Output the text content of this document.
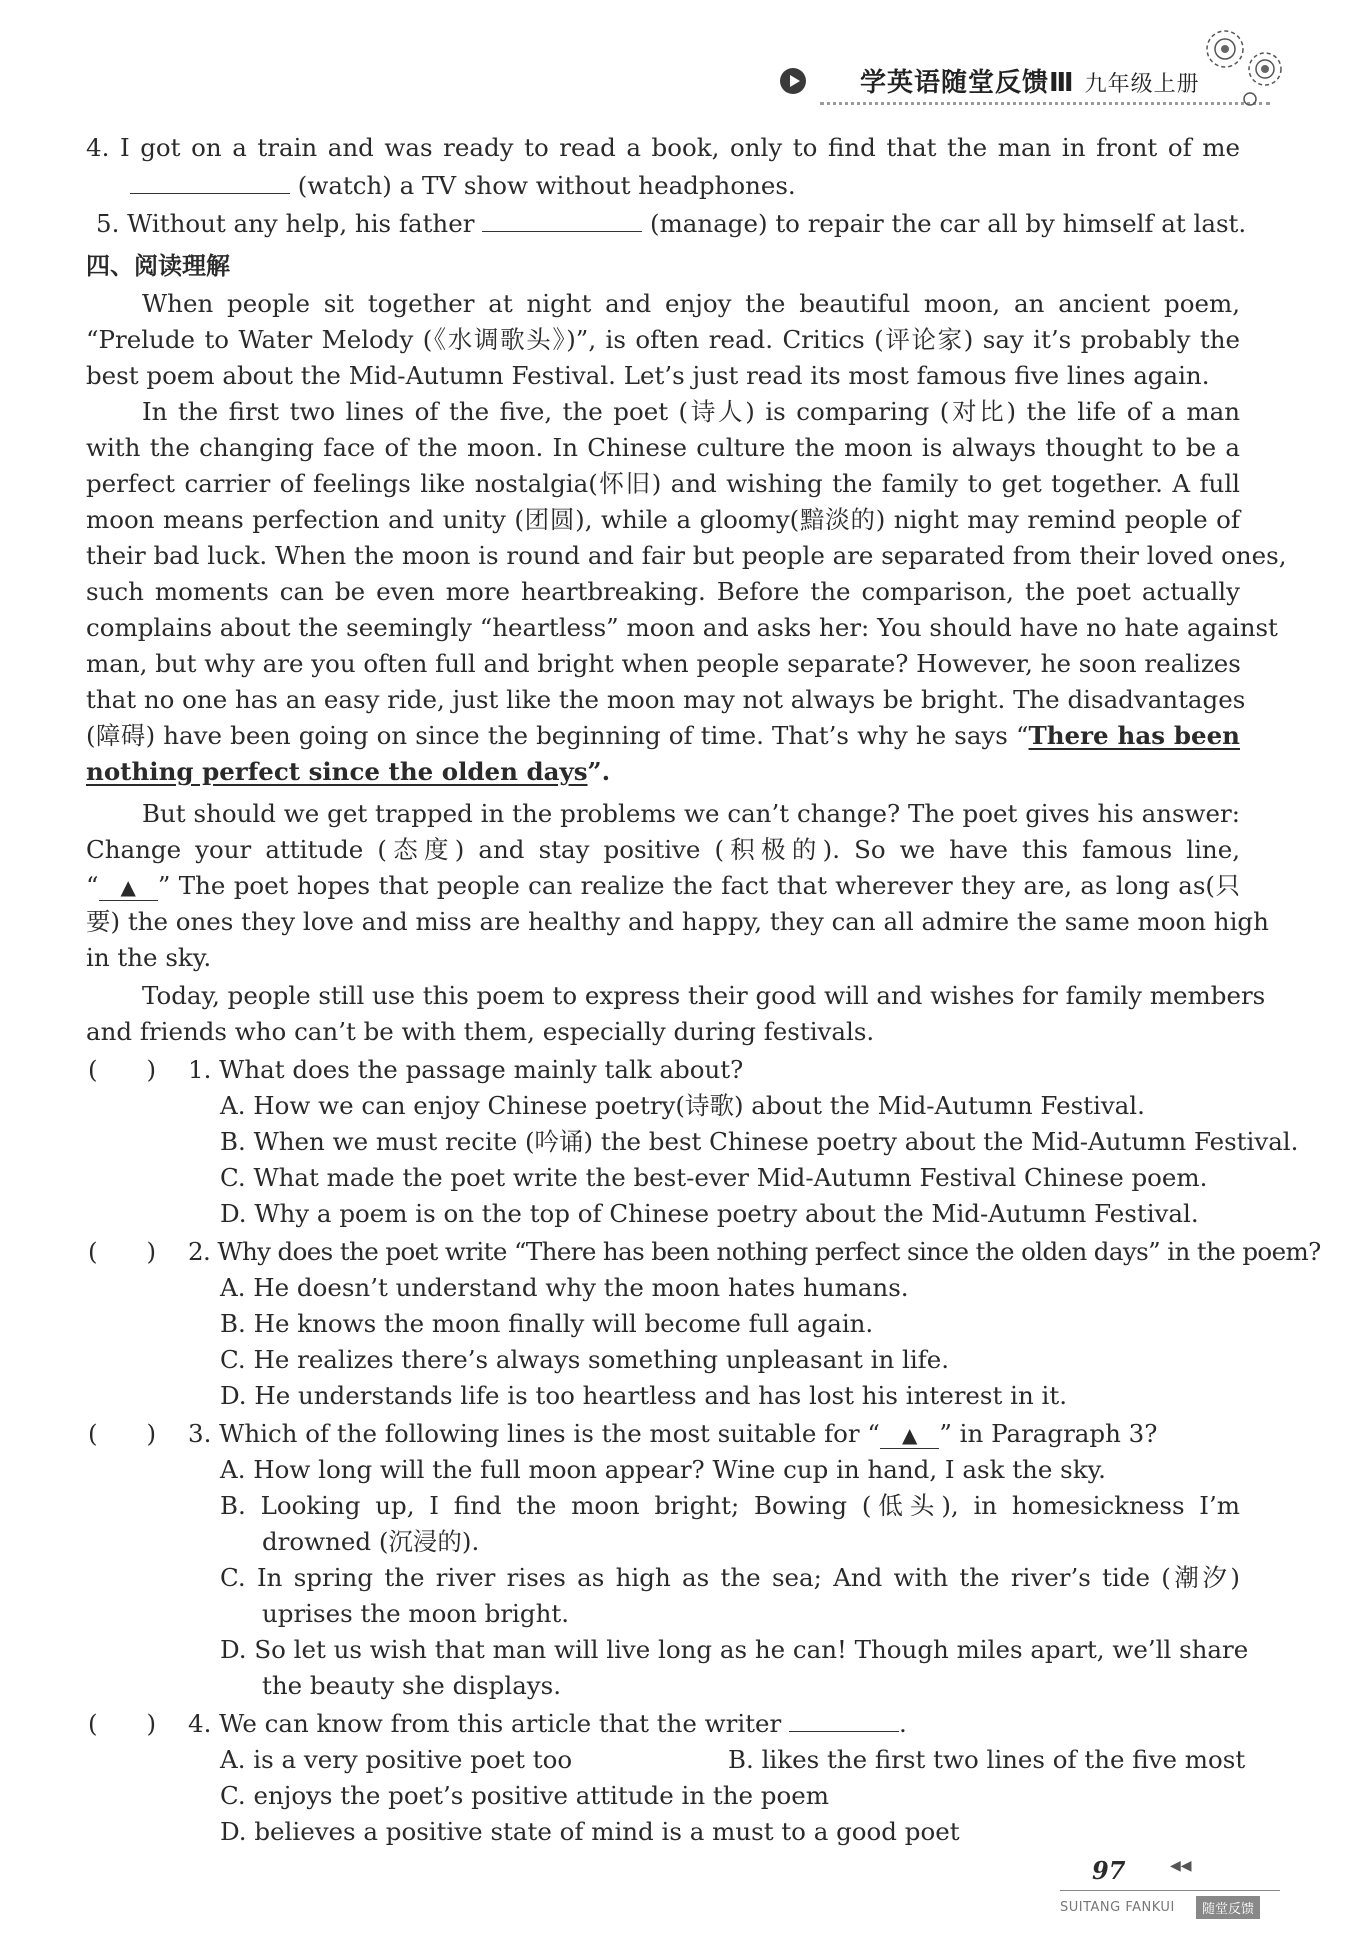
学英语随堂反馈Ⅲ 九年级上册
4. I got on a train and was ready to read a book, only to find that the man in front of me
(watch) a TV show without headphones.
5. Without any help, his father	(manage) to repair the car all by himself at last.
四、阅读理解
When people sit together at night and enjoy the beautiful moon, an ancient poem,
“Prelude to Water Melody (《水调歌头》)”, is often read. Critics (评论家) say it’s probably the
best poem about the Mid-Autumn Festival. Let’s just read its most famous five lines again.
In the first two lines of the five, the poet (诗人) is comparing (对比) the life of a man
with the changing face of the moon. In Chinese culture the moon is always thought to be a
perfect carrier of feelings like nostalgia(怀旧) and wishing the family to get together. A full
moon means perfection and unity (团圆), while a gloomy(黯淡的) night may remind people of
their bad luck. When the moon is round and fair but people are separated from their loved ones,
such moments can be even more heartbreaking. Before the comparison, the poet actually
complains about the seemingly “heartless” moon and asks her: You should have no hate against
man, but why are you often full and bright when people separate? However, he soon realizes
that no one has an easy ride, just like the moon may not always be bright. The disadvantages
(障碍) have been going on since the beginning of time. That’s why he says “There has been
nothing perfect since the olden days”.
But should we get trapped in the problems we can’t change? The poet gives his answer:
Change your attitude (态度) and stay positive (积极的). So we have this famous line,
“ ▲ ” The poet hopes that people can realize the fact that wherever they are, as long as(只
要) the ones they love and miss are healthy and happy, they can all admire the same moon high
in the sky.
Today, people still use this poem to express their good will and wishes for family members
and friends who can’t be with them, especially during festivals.
(　　) 1. What does the passage mainly talk about?
A. How we can enjoy Chinese poetry(诗歌) about the Mid-Autumn Festival.
B. When we must recite (吟诵) the best Chinese poetry about the Mid-Autumn Festival.
C. What made the poet write the best-ever Mid-Autumn Festival Chinese poem.
D. Why a poem is on the top of Chinese poetry about the Mid-Autumn Festival.
(　　) 2. Why does the poet write “There has been nothing perfect since the olden days” in the poem?
A. He doesn’t understand why the moon hates humans.
B. He knows the moon finally will become full again.
C. He realizes there’s always something unpleasant in life.
D. He understands life is too heartless and has lost his interest in it.
(　　) 3. Which of the following lines is the most suitable for “ ▲ ” in Paragraph 3?
A. How long will the full moon appear? Wine cup in hand, I ask the sky.
B. Looking up, I find the moon bright; Bowing (低头), in homesickness I’m
drowned (沉浸的).
C. In spring the river rises as high as the sea; And with the river’s tide (潮汐)
uprises the moon bright.
D. So let us wish that man will live long as he can! Though miles apart, we’ll share
the beauty she displays.
(　　) 4. We can know from this article that the writer	.
A. is a very positive poet too	B. likes the first two lines of the five most
C. enjoys the poet’s positive attitude in the poem
D. believes a positive state of mind is a must to a good poet
97	◀◀
SUITANG FANKUI	随堂反馈
